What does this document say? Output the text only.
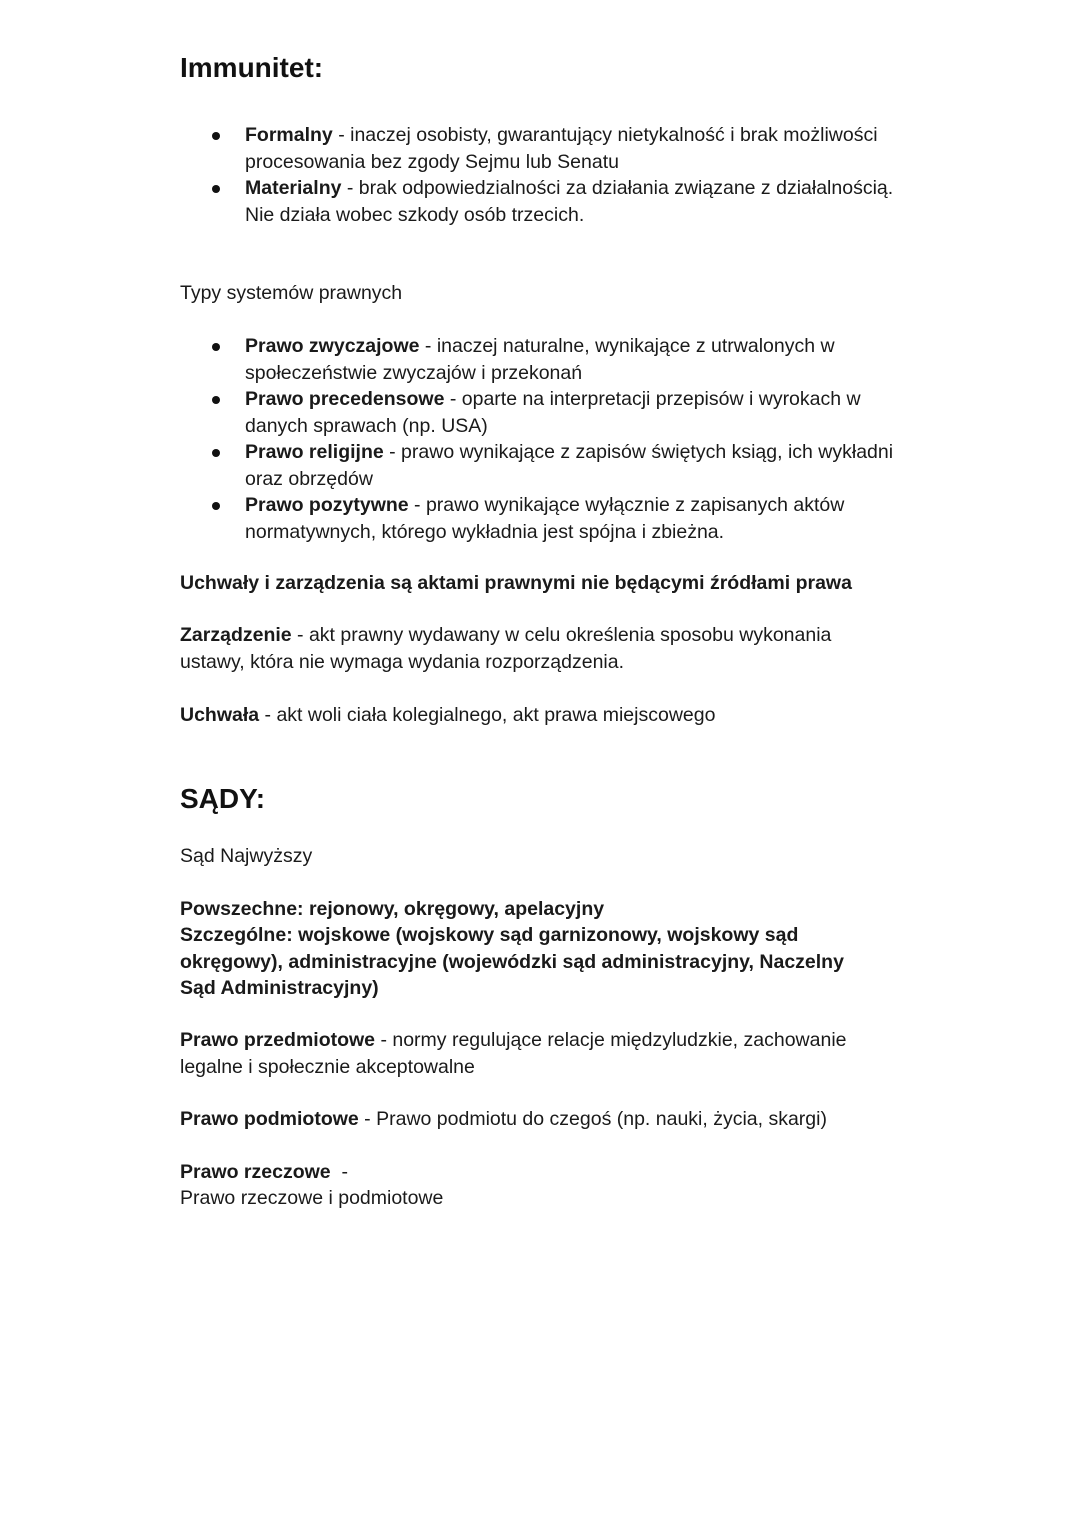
Immunitet:
Formalny - inaczej osobisty, gwarantujący nietykalność i brak możliwości procesowania bez zgody Sejmu lub Senatu
Materialny - brak odpowiedzialności za działania związane z działalnością. Nie działa wobec szkody osób trzecich.

Typy systemów prawnych

Prawo zwyczajowe - inaczej naturalne, wynikające z utrwalonych w społeczeństwie zwyczajów i przekonań
Prawo precedensowe - oparte na interpretacji przepisów i wyrokach w danych sprawach (np. USA)
Prawo religijne - prawo wynikające z zapisów świętych ksiąg, ich wykładni oraz obrzędów
Prawo pozytywne - prawo wynikające wyłącznie z zapisanych aktów normatywnych, którego wykładnia jest spójna i zbieżna.

Uchwały i zarządzenia są aktami prawnymi nie będącymi źródłami prawa

Zarządzenie - akt prawny wydawany w celu określenia sposobu wykonania ustawy, która nie wymaga wydania rozporządzenia.

Uchwała - akt woli ciała kolegialnego, akt prawa miejscowego

SĄDY:

Sąd Najwyższy

Powszechne: rejonowy, okręgowy, apelacyjny

Szczególne: wojskowe (wojskowy sąd garnizonowy, wojskowy sąd okręgowy), administracyjne (wojewódzki sąd administracyjny, Naczelny Sąd Administracyjny)

Prawo przedmiotowe - normy regulujące relacje międzyludzkie, zachowanie legalne i społecznie akceptowalne

Prawo podmiotowe - Prawo podmiotu do czegoś (np. nauki, życia, skargi)

Prawo rzeczowe  -

Prawo rzeczowe i podmiotowe
